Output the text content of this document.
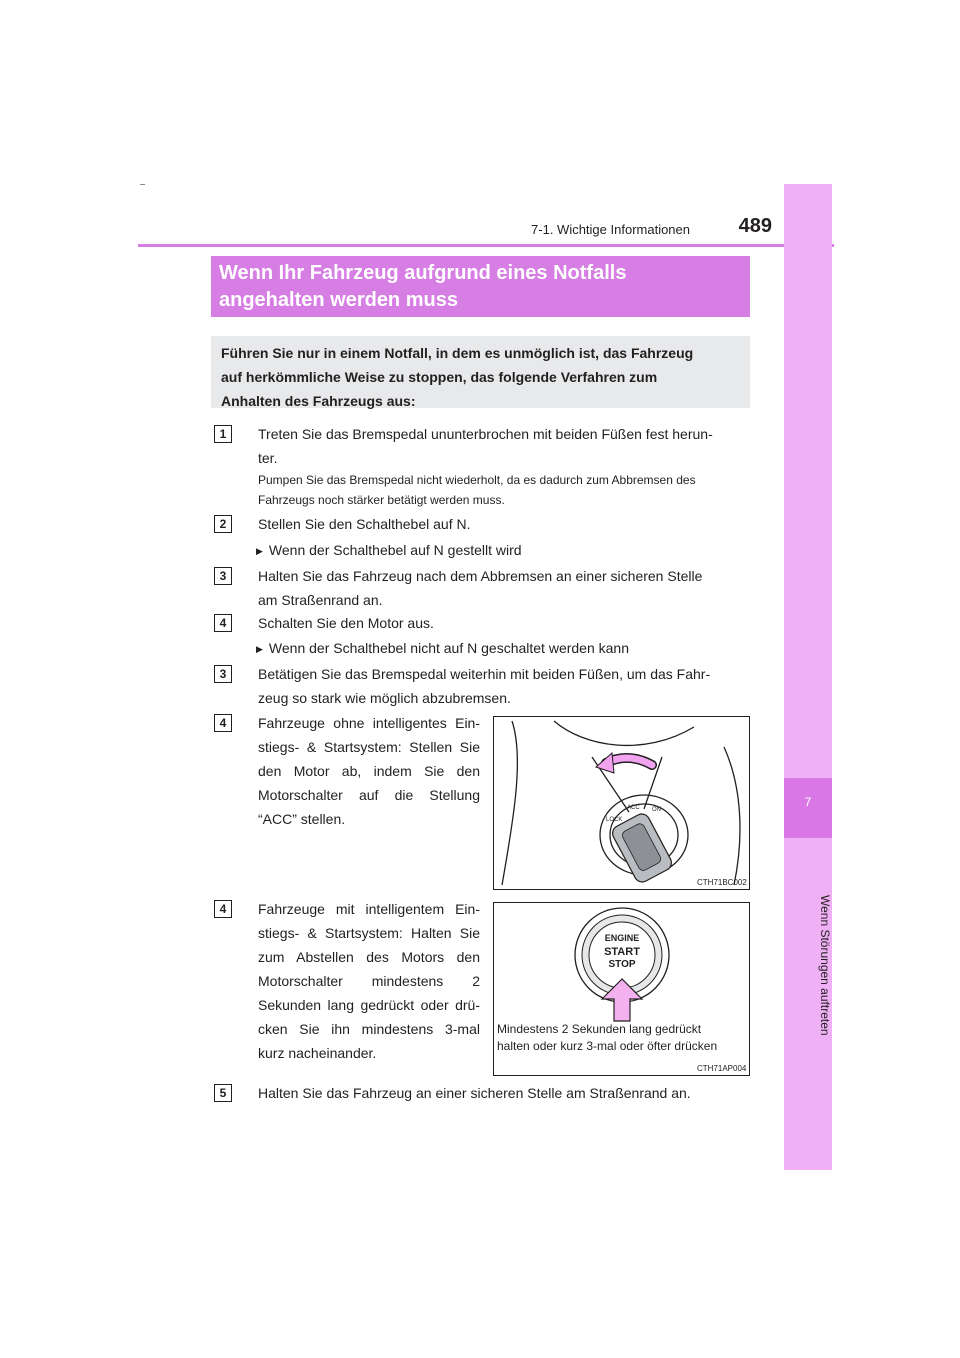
7-1. Wichtige Informationen	489
7
Wenn Störungen auftreten
Wenn Ihr Fahrzeug aufgrund eines Notfalls
angehalten werden muss
Führen Sie nur in einem Notfall, in dem es unmöglich ist, das Fahrzeug
auf herkömmliche Weise zu stoppen, das folgende Verfahren zum
Anhalten des Fahrzeugs aus:
1	Treten Sie das Bremspedal ununterbrochen mit beiden Füßen fest herun-
ter.
Pumpen Sie das Bremspedal nicht wiederholt, da es dadurch zum Abbremsen des
Fahrzeugs noch stärker betätigt werden muss.
2	Stellen Sie den Schalthebel auf N.
▶ Wenn der Schalthebel auf N gestellt wird
3	Halten Sie das Fahrzeug nach dem Abbremsen an einer sicheren Stelle
am Straßenrand an.
4	Schalten Sie den Motor aus.
▶ Wenn der Schalthebel nicht auf N geschaltet werden kann
3	Betätigen Sie das Bremspedal weiterhin mit beiden Füßen, um das Fahr-
zeug so stark wie möglich abzubremsen.
4	Fahrzeuge ohne intelligentes Ein-
stiegs- & Startsystem: Stellen Sie
den Motor ab, indem Sie den
Motorschalter auf die Stellung
“ACC” stellen.	LOCK
ACC ON
CTH71BC002
4	Fahrzeuge mit intelligentem Ein-
stiegs- & Startsystem: Halten Sie
zum Abstellen des Motors den
Motorschalter mindestens 2
Sekunden lang gedrückt oder drü-
cken Sie ihn mindestens 3-mal
kurz nacheinander.
ENGINE
START
STOP
Mindestens 2 Sekunden lang gedrückt
halten oder kurz 3-mal oder öfter drücken
CTH71AP004
5	Halten Sie das Fahrzeug an einer sicheren Stelle am Straßenrand an.
